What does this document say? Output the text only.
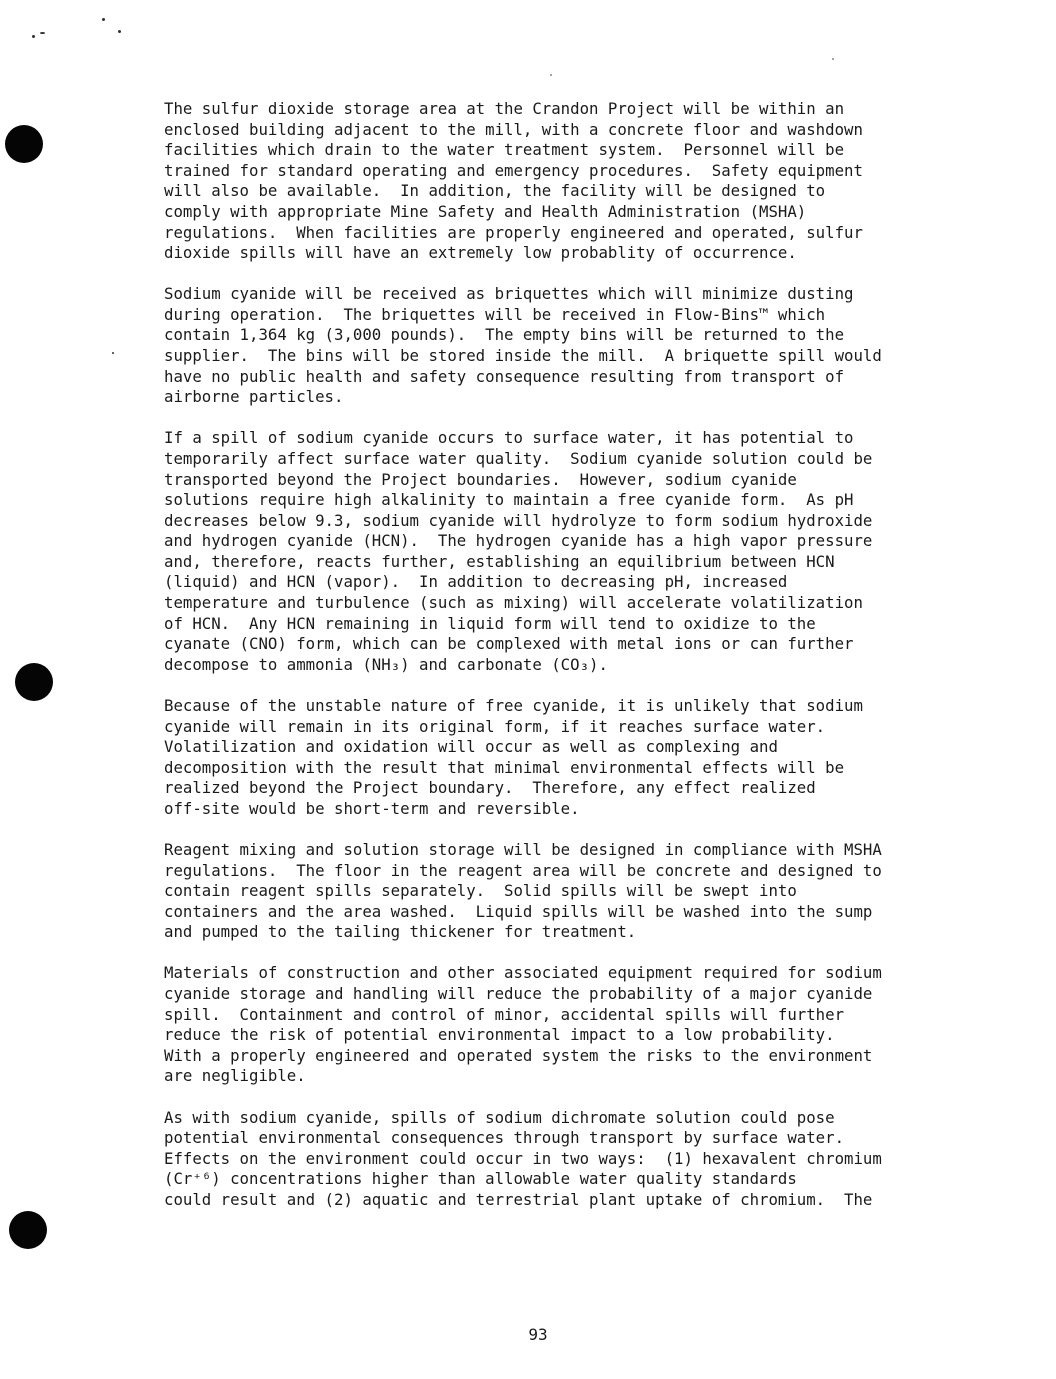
The sulfur dioxide storage area at the Crandon Project will be within an
enclosed building adjacent to the mill, with a concrete floor and washdown
facilities which drain to the water treatment system.  Personnel will be
trained for standard operating and emergency procedures.  Safety equipment
will also be available.  In addition, the facility will be designed to
comply with appropriate Mine Safety and Health Administration (MSHA)
regulations.  When facilities are properly engineered and operated, sulfur
dioxide spills will have an extremely low probablity of occurrence.
Sodium cyanide will be received as briquettes which will minimize dusting
during operation.  The briquettes will be received in Flow-Bins™ which
contain 1,364 kg (3,000 pounds).  The empty bins will be returned to the
supplier.  The bins will be stored inside the mill.  A briquette spill would
have no public health and safety consequence resulting from transport of
airborne particles.
If a spill of sodium cyanide occurs to surface water, it has potential to
temporarily affect surface water quality.  Sodium cyanide solution could be
transported beyond the Project boundaries.  However, sodium cyanide
solutions require high alkalinity to maintain a free cyanide form.  As pH
decreases below 9.3, sodium cyanide will hydrolyze to form sodium hydroxide
and hydrogen cyanide (HCN).  The hydrogen cyanide has a high vapor pressure
and, therefore, reacts further, establishing an equilibrium between HCN
(liquid) and HCN (vapor).  In addition to decreasing pH, increased
temperature and turbulence (such as mixing) will accelerate volatilization
of HCN.  Any HCN remaining in liquid form will tend to oxidize to the
cyanate (CNO) form, which can be complexed with metal ions or can further
decompose to ammonia (NH₃) and carbonate (CO₃).
Because of the unstable nature of free cyanide, it is unlikely that sodium
cyanide will remain in its original form, if it reaches surface water.
Volatilization and oxidation will occur as well as complexing and
decomposition with the result that minimal environmental effects will be
realized beyond the Project boundary.  Therefore, any effect realized
off-site would be short-term and reversible.
Reagent mixing and solution storage will be designed in compliance with MSHA
regulations.  The floor in the reagent area will be concrete and designed to
contain reagent spills separately.  Solid spills will be swept into
containers and the area washed.  Liquid spills will be washed into the sump
and pumped to the tailing thickener for treatment.
Materials of construction and other associated equipment required for sodium
cyanide storage and handling will reduce the probability of a major cyanide
spill.  Containment and control of minor, accidental spills will further
reduce the risk of potential environmental impact to a low probability.
With a properly engineered and operated system the risks to the environment
are negligible.
As with sodium cyanide, spills of sodium dichromate solution could pose
potential environmental consequences through transport by surface water.
Effects on the environment could occur in two ways:  (1) hexavalent chromium
(Cr⁺⁶) concentrations higher than allowable water quality standards
could result and (2) aquatic and terrestrial plant uptake of chromium.  The
93
